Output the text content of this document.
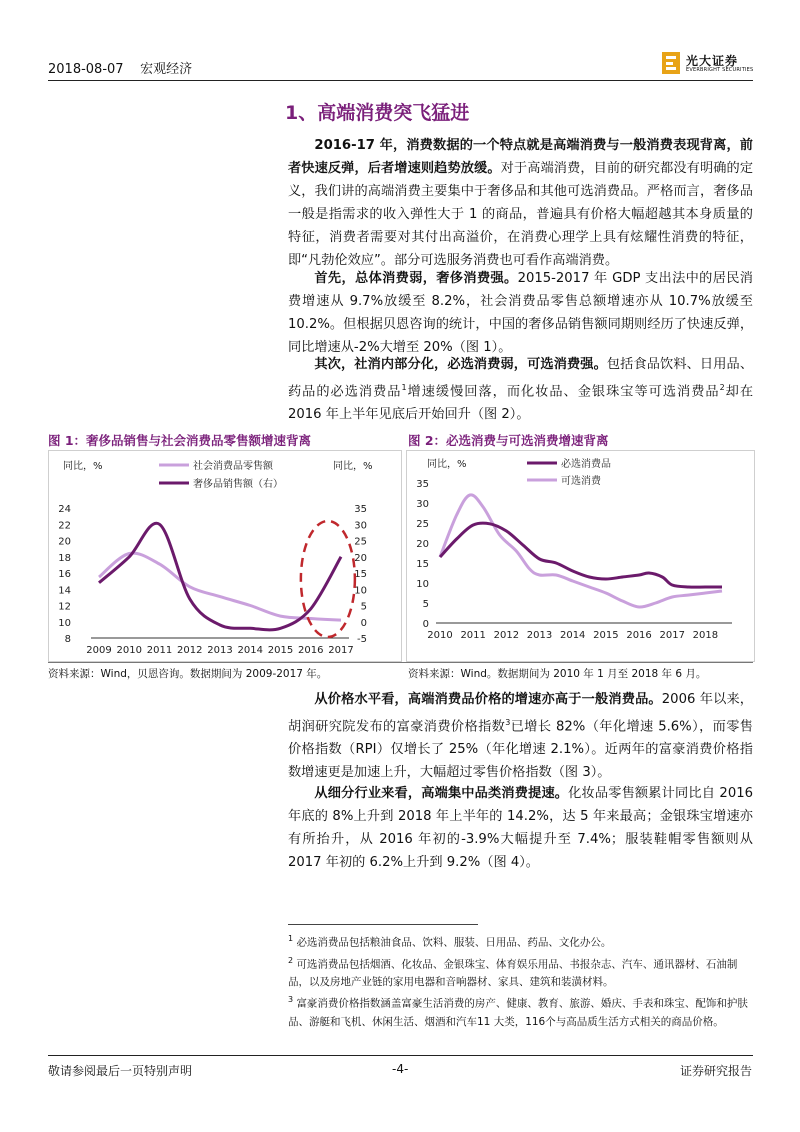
2018-08-07 宏观经济
光大证券
EVERBRIGHT SECURITIES
1、高端消费突飞猛进

2016-17 年，消费数据的一个特点就是高端消费与一般消费表现背离，前者快速反弹，后者增速则趋势放缓。对于高端消费，目前的研究都没有明确的定义，我们讲的高端消费主要集中于奢侈品和其他可选消费品。严格而言，奢侈品一般是指需求的收入弹性大于 1 的商品，普遍具有价格大幅超越其本身质量的特征，消费者需要对其付出高溢价，在消费心理学上具有炫耀性消费的特征，即“凡勃伦效应”。部分可选服务消费也可看作高端消费。

首先，总体消费弱，奢侈消费强。2015-2017 年 GDP 支出法中的居民消费增速从 9.7%放缓至 8.2%，社会消费品零售总额增速亦从 10.7%放缓至 10.2%。但根据贝恩咨询的统计，中国的奢侈品销售额同期则经历了快速反弹，同比增速从-2%大增至 20%（图 1）。

其次，社消内部分化，必选消费弱，可选消费强。包括食品饮料、日用品、药品的必选消费品$^1$增速缓慢回落，而化妆品、金银珠宝等可选消费品$^2$却在 2016 年上半年见底后开始回升（图 2）。

图 1：奢侈品销售与社会消费品零售额增速背离
8
10
12
14
16
18
20
22
24
-5
0
5
10
15
20
25
30
35
2009 2010 2011 2012 2013 2014 2015 2016 2017
同比，%	同比，%
社会消费品零售额
奢侈品销售额（右）
图 2：必选消费与可选消费增速背离
0
5
10
15
20
25
30
35
2010 2011 2012 2013 2014 2015 2016 2017 2018
同比，%	必选消费品
可选消费
资料来源：Wind，贝恩咨询。数据期间为 2009-2017 年。	资料来源：Wind。数据期间为 2010 年 1 月至 2018 年 6 月。

从价格水平看，高端消费品价格的增速亦高于一般消费品。2006 年以来，胡润研究院发布的富豪消费价格指数$^3$已增长 82%（年化增速 5.6%），而零售价格指数（RPI）仅增长了 25%（年化增速 2.1%）。近两年的富豪消费价格指数增速更是加速上升，大幅超过零售价格指数（图 3）。

从细分行业来看，高端集中品类消费提速。化妆品零售额累计同比自 2016 年底的 8%上升到 2018 年上半年的 14.2%，达 5 年来最高；金银珠宝增速亦有所抬升，从 2016 年初的-3.9%大幅提升至 7.4%；服装鞋帽零售额则从 2017 年初的 6.2%上升到 9.2%（图 4）。

$^1$ 必选消费品包括粮油食品、饮料、服装、日用品、药品、文化办公。

$^2$ 可选消费品包括烟酒、化妆品、金银珠宝、体育娱乐用品、书报杂志、汽车、通讯器材、石油制品，以及房地产业链的家用电器和音响器材、家具、建筑和装潢材料。

$^3$ 富豪消费价格指数涵盖富豪生活消费的房产、健康、教育、旅游、婚庆、手表和珠宝、配饰和护肤品、游艇和飞机、休闲生活、烟酒和汽车11 大类，116个与高品质生活方式相关的商品价格。

敬请参阅最后一页特别声明	-4-	证券研究报告
